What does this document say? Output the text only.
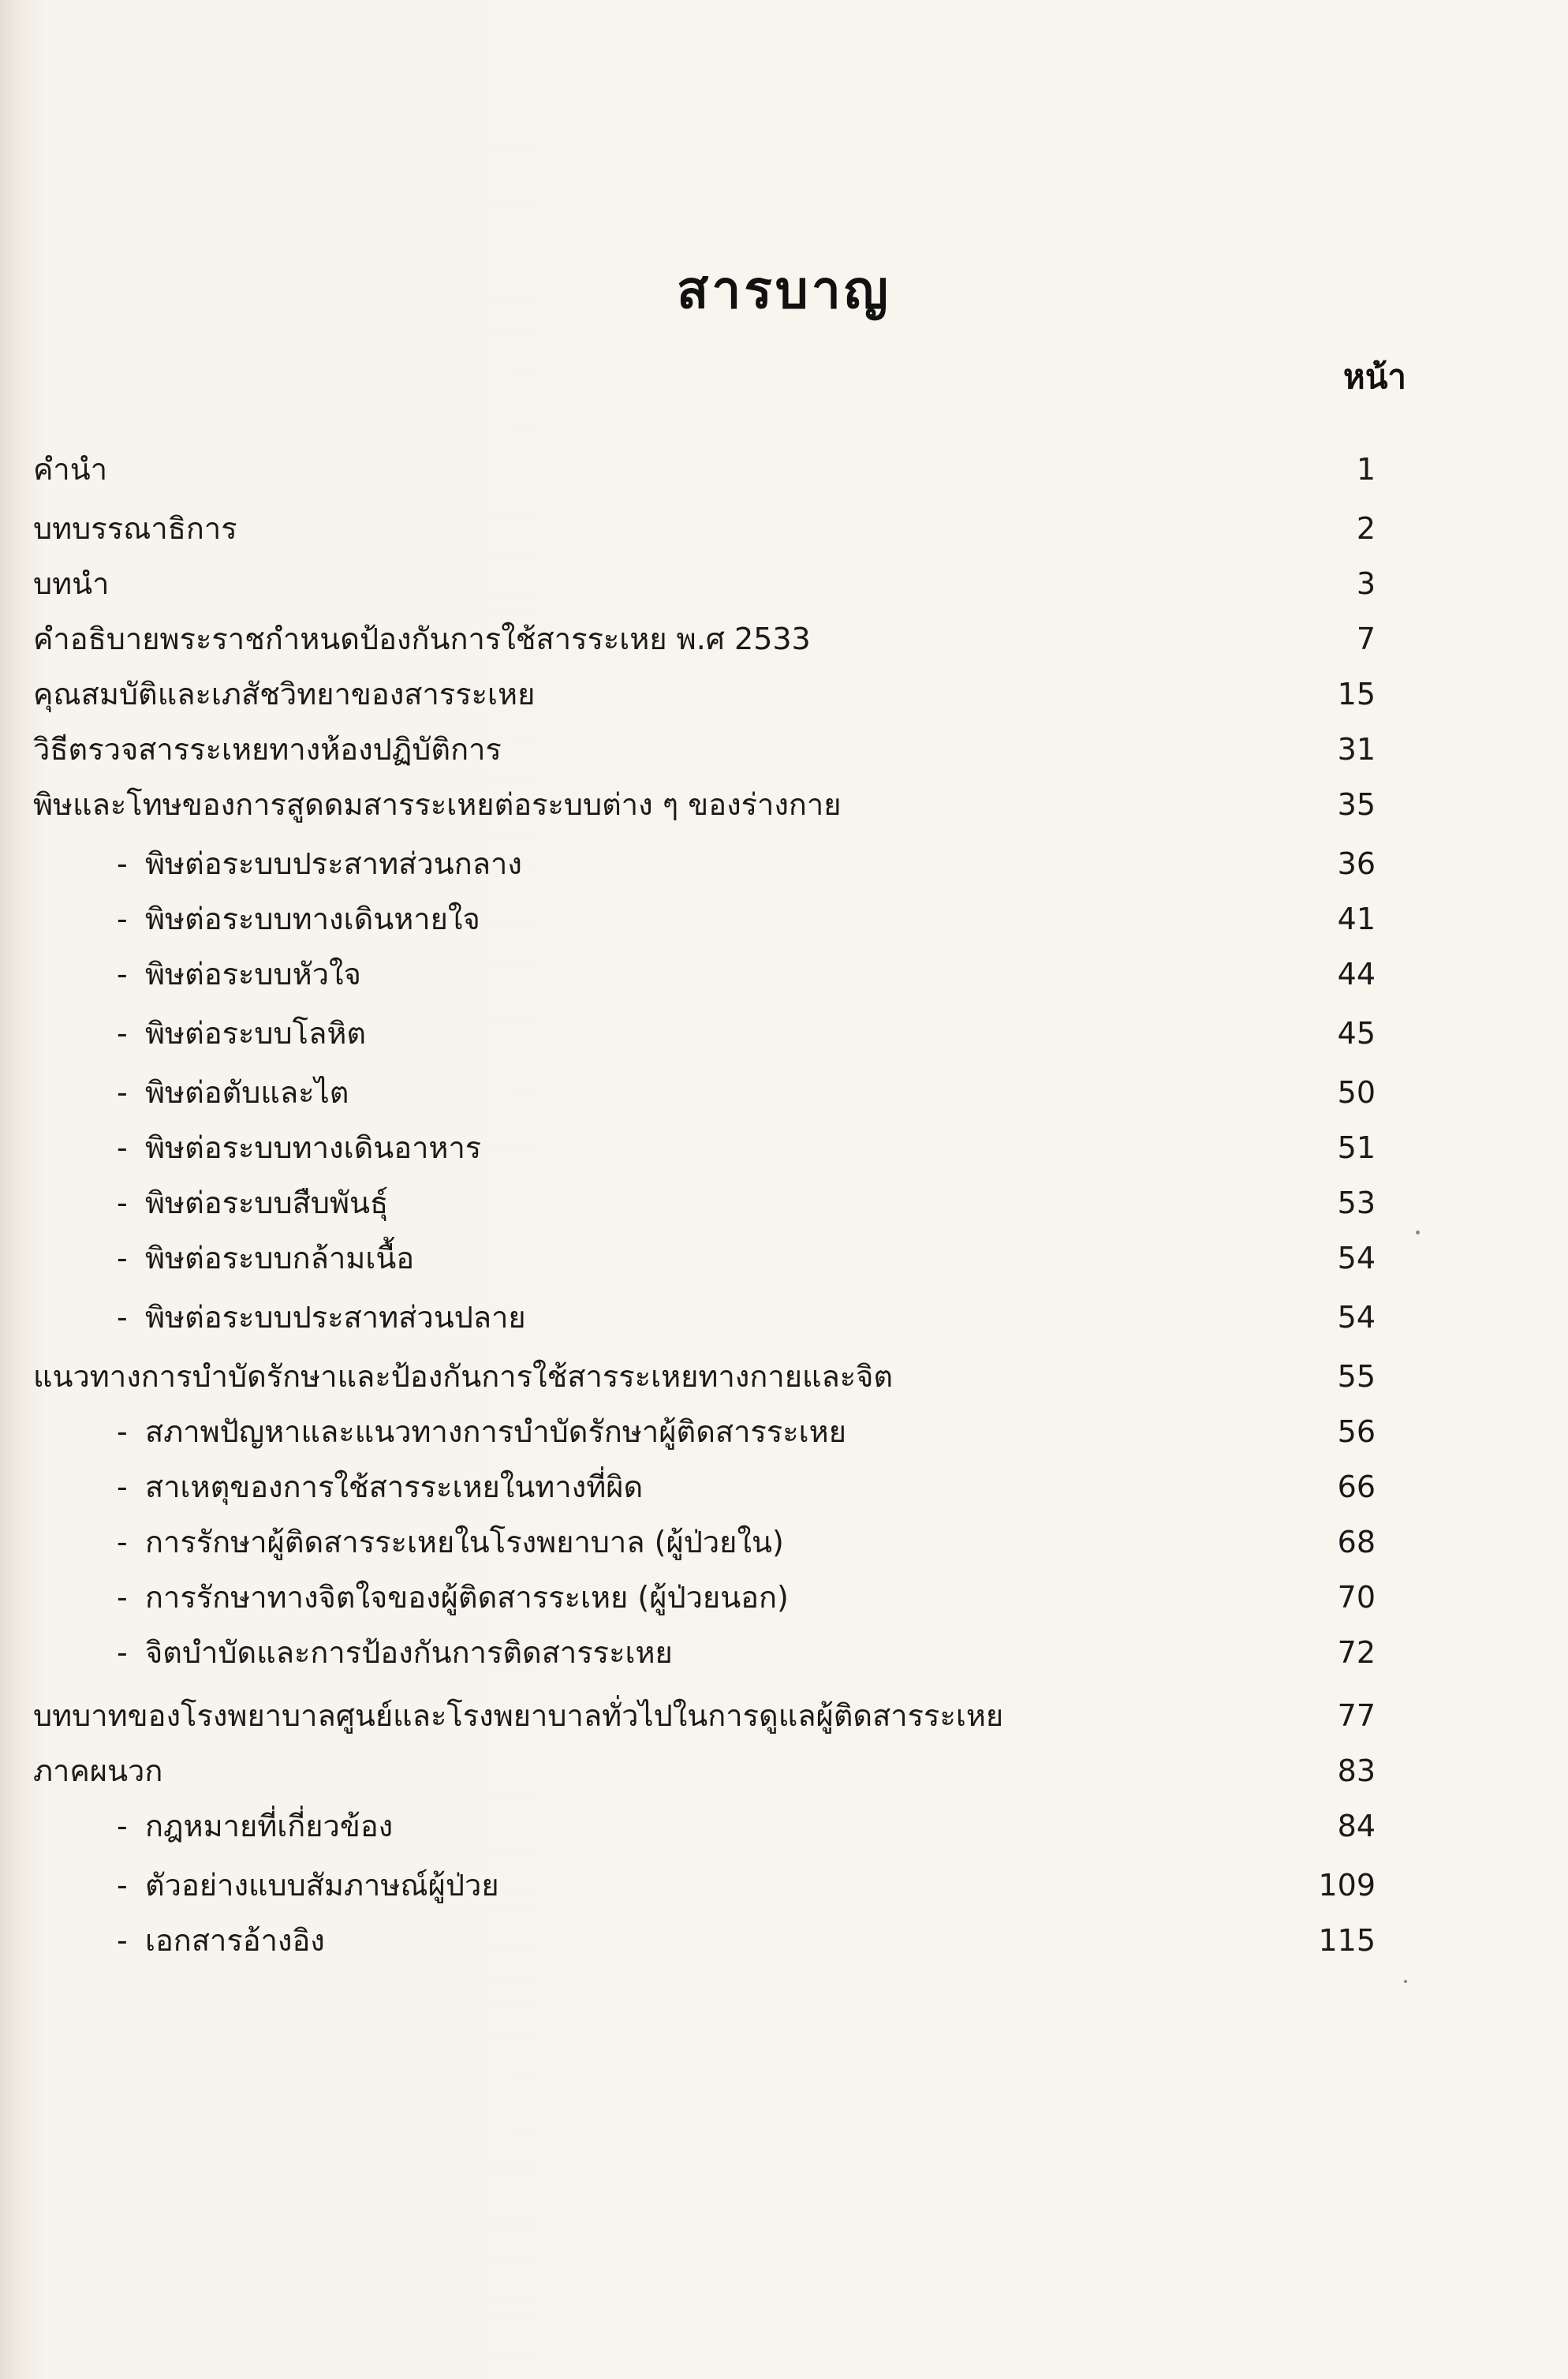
สารบาญ
หน้า
คำนำ	1
บทบรรณาธิการ	2
บทนำ	3
คำอธิบายพระราชกำหนดป้องกันการใช้สารระเหย พ.ศ 2533	7
คุณสมบัติและเภสัชวิทยาของสารระเหย	15
วิธีตรวจสารระเหยทางห้องปฏิบัติการ	31
พิษและโทษของการสูดดมสารระเหยต่อระบบต่าง ๆ ของร่างกาย	35
- พิษต่อระบบประสาทส่วนกลาง	36
- พิษต่อระบบทางเดินหายใจ	41
- พิษต่อระบบหัวใจ	44
- พิษต่อระบบโลหิต	45
- พิษต่อตับและไต	50
- พิษต่อระบบทางเดินอาหาร	51
- พิษต่อระบบสืบพันธุ์	53
- พิษต่อระบบกล้ามเนื้อ	54
- พิษต่อระบบประสาทส่วนปลาย	54
แนวทางการบำบัดรักษาและป้องกันการใช้สารระเหยทางกายและจิต	55
- สภาพปัญหาและแนวทางการบำบัดรักษาผู้ติดสารระเหย	56
- สาเหตุของการใช้สารระเหยในทางที่ผิด	66
- การรักษาผู้ติดสารระเหยในโรงพยาบาล (ผู้ป่วยใน)	68
- การรักษาทางจิตใจของผู้ติดสารระเหย (ผู้ป่วยนอก)	70
- จิตบำบัดและการป้องกันการติดสารระเหย	72
บทบาทของโรงพยาบาลศูนย์และโรงพยาบาลทั่วไปในการดูแลผู้ติดสารระเหย	77
ภาคผนวก	83
- กฎหมายที่เกี่ยวข้อง	84
- ตัวอย่างแบบสัมภาษณ์ผู้ป่วย	109
- เอกสารอ้างอิง	115
